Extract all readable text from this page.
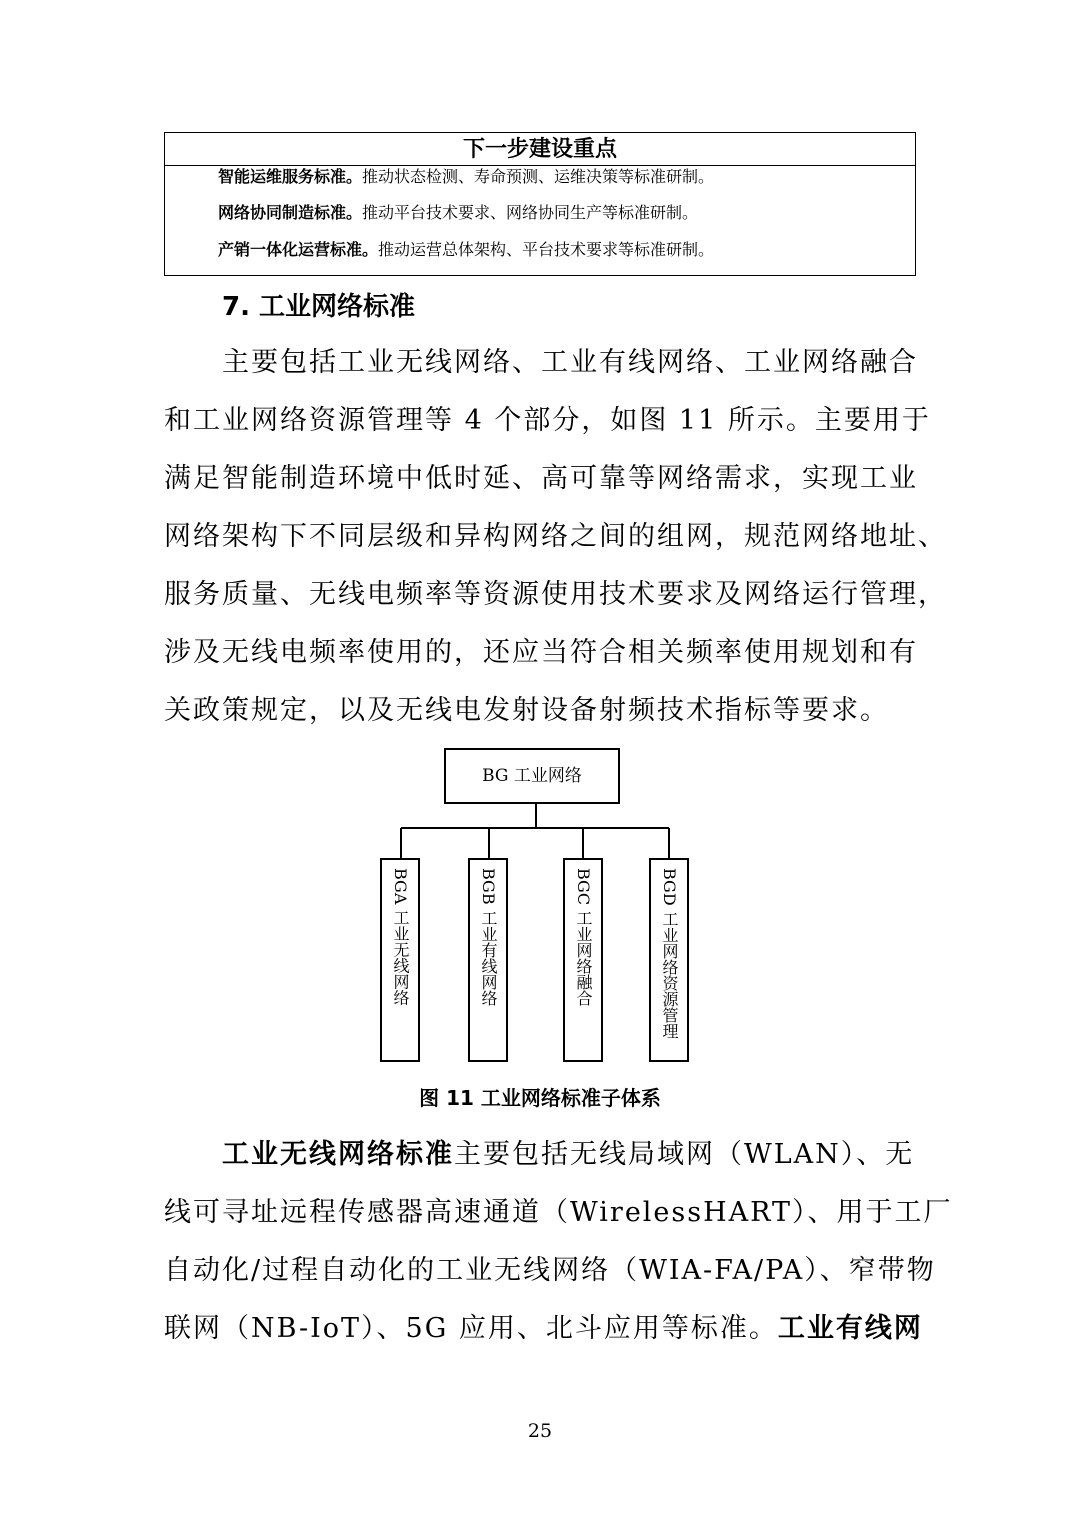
下一步建设重点
智能运维服务标准。推动状态检测、寿命预测、运维决策等标准研制。
网络协同制造标准。推动平台技术要求、网络协同生产等标准研制。
产销一体化运营标准。推动运营总体架构、平台技术要求等标准研制。
7. 工业网络标准
　　主要包括工业无线网络、工业有线网络、工业网络融合
和工业网络资源管理等 4 个部分，如图 11 所示。主要用于
满足智能制造环境中低时延、高可靠等网络需求，实现工业
网络架构下不同层级和异构网络之间的组网，规范网络地址、
服务质量、无线电频率等资源使用技术要求及网络运行管理，
涉及无线电频率使用的，还应当符合相关频率使用规划和有
关政策规定，以及无线电发射设备射频技术指标等要求。
BG 工业网络
BGA 工业无线网络	BGB 工业有线网络	BGC 工业网络融合	BGD 工业网络资源管理
图 11 工业网络标准子体系
　　工业无线网络标准主要包括无线局域网（WLAN）、无
线可寻址远程传感器高速通道（WirelessHART）、用于工厂
自动化/过程自动化的工业无线网络（WIA-FA/PA）、窄带物
联网（NB-IoT）、5G 应用、北斗应用等标准。工业有线网
25
